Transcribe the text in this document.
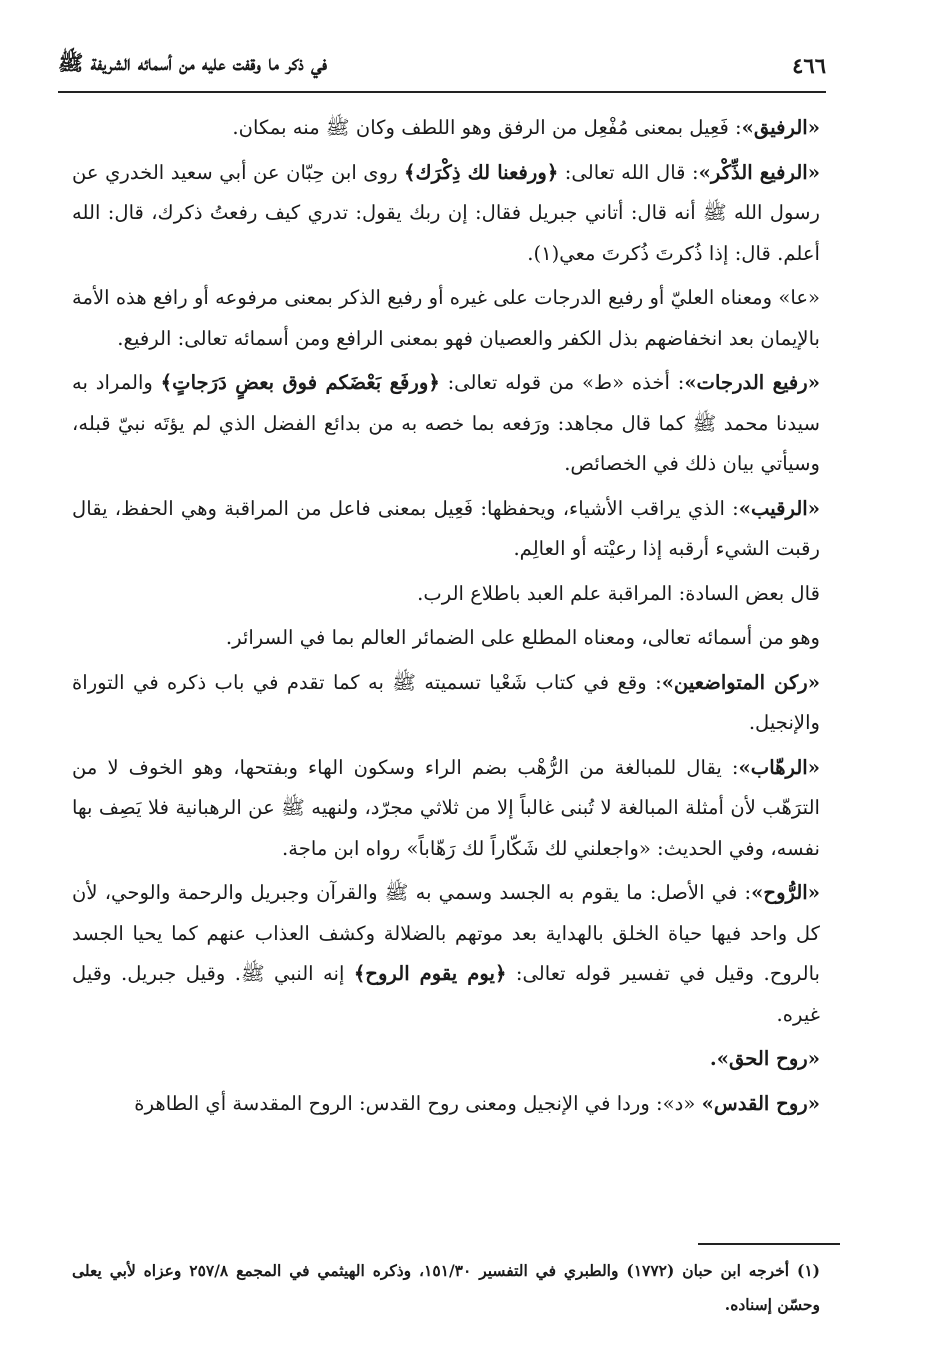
٤٦٦
في ذكر ما وقفت عليه من أسمائه الشريفة ﷺ

«الرفيق»: فَعِيل بمعنى مُفْعِل من الرفق وهو اللطف وكان ﷺ منه بمكان.

«الرفيع الذِّكْر»: قال الله تعالى: ﴿ورفعنا لك ذِكْرَك﴾ روى ابن حِبّان عن أبي سعيد الخدري عن رسول الله ﷺ أنه قال: أتاني جبريل فقال: إن ربك يقول: تدري كيف رفعتُ ذكرك، قال: الله أعلم. قال: إذا ذُكرتَ ذُكرتَ معي(١).

«عا» ومعناه العليّ أو رفيع الدرجات على غيره أو رفيع الذكر بمعنى مرفوعه أو رافع هذه الأمة بالإيمان بعد انخفاضهم بذل الكفر والعصيان فهو بمعنى الرافع ومن أسمائه تعالى: الرفيع.

«رفيع الدرجات»: أخذه «ط» من قوله تعالى: ﴿ورفَع بَعْضَكم فوق بعضٍ دَرَجاتٍ﴾ والمراد به سيدنا محمد ﷺ كما قال مجاهد: ورَفعه بما خصه به من بدائع الفضل الذي لم يؤتَه نبيّ قبله، وسيأتي بيان ذلك في الخصائص.

«الرقيب»: الذي يراقب الأشياء، ويحفظها: فَعِيل بمعنى فاعل من المراقبة وهي الحفظ، يقال رقبت الشيء أرقبه إذا رعيْته أو العالِم.

قال بعض السادة: المراقبة علم العبد باطلاع الرب.

وهو من أسمائه تعالى، ومعناه المطلع على الضمائر العالم بما في السرائر.

«ركن المتواضعين»: وقع في كتاب شَعْيا تسميته ﷺ به كما تقدم في باب ذكره في التوراة والإنجيل.

«الرهّاب»: يقال للمبالغة من الرُّهْب بضم الراء وسكون الهاء وبفتحها، وهو الخوف لا من الترَهّب لأن أمثلة المبالغة لا تُبنى غالباً إلا من ثلاثي مجرّد، ولنهيه ﷺ عن الرهبانية فلا يَصِف بها نفسه، وفي الحديث: «واجعلني لك شَكّاراً لك رَهّاباً» رواه ابن ماجة.

«الرُّوح»: في الأصل: ما يقوم به الجسد وسمي به ﷺ والقرآن وجبريل والرحمة والوحي، لأن كل واحد فيها حياة الخلق بالهداية بعد موتهم بالضلالة وكشف العذاب عنهم كما يحيا الجسد بالروح. وقيل في تفسير قوله تعالى: ﴿يوم يقوم الروح﴾ إنه النبي ﷺ. وقيل جبريل. وقيل غيره.

«روح الحق».

«روح القدس» «د»: وردا في الإنجيل ومعنى روح القدس: الروح المقدسة أي الطاهرة

(١) أخرجه ابن حبان (١٧٧٢) والطبري في التفسير ١٥١/٣٠، وذكره الهيثمي في المجمع ٢٥٧/٨ وعزاه لأبي يعلى وحسّن إسناده.
